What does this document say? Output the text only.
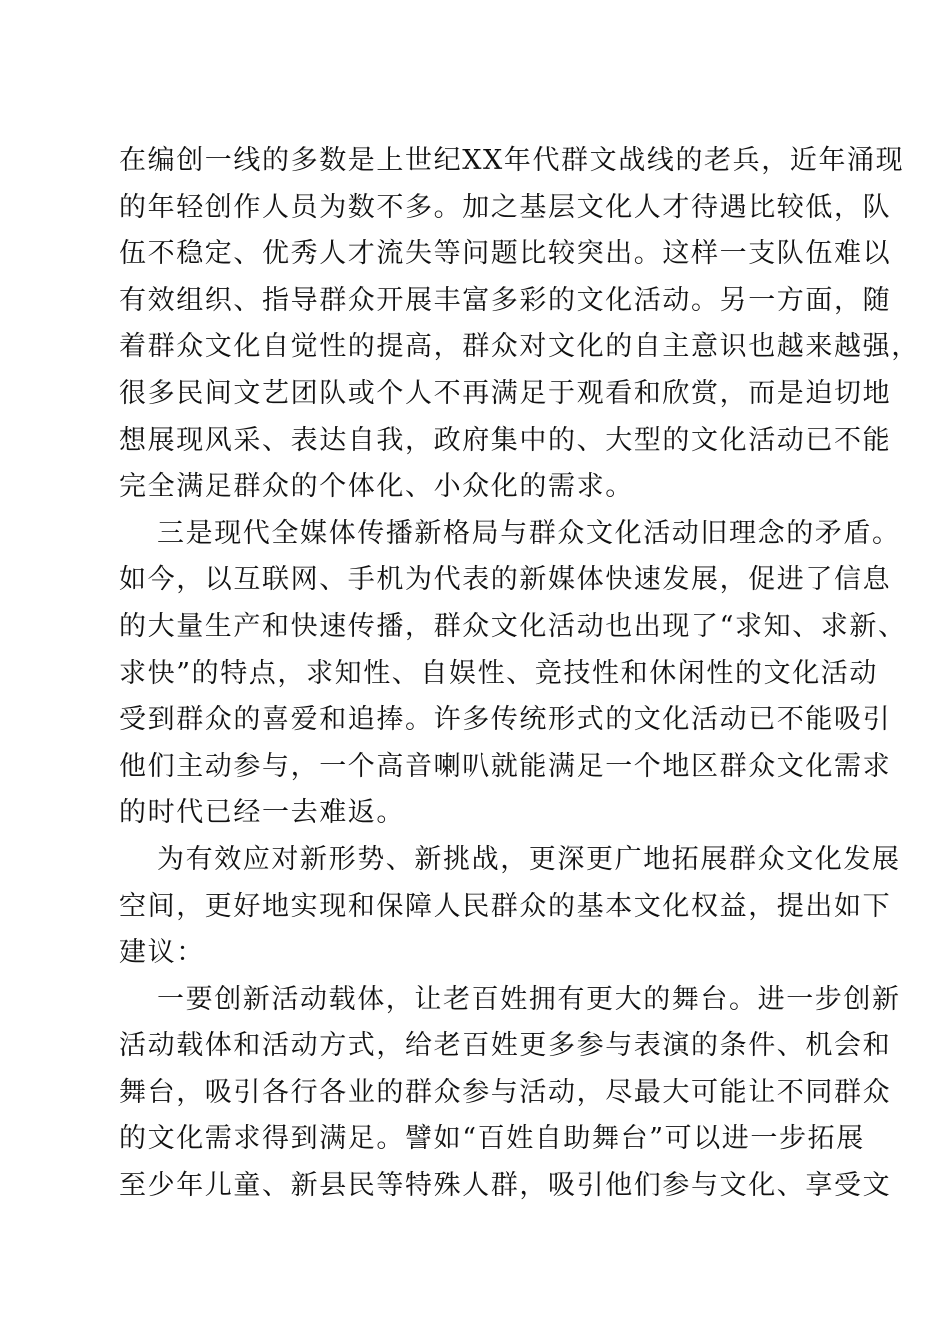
在编创一线的多数是上世纪XX年代群文战线的老兵，近年涌现
的年轻创作人员为数不多。加之基层文化人才待遇比较低，队
伍不稳定、优秀人才流失等问题比较突出。这样一支队伍难以
有效组织、指导群众开展丰富多彩的文化活动。另一方面，随
着群众文化自觉性的提高，群众对文化的自主意识也越来越强，
很多民间文艺团队或个人不再满足于观看和欣赏，而是迫切地
想展现风采、表达自我，政府集中的、大型的文化活动已不能
完全满足群众的个体化、小众化的需求。
三是现代全媒体传播新格局与群众文化活动旧理念的矛盾。
如今，以互联网、手机为代表的新媒体快速发展，促进了信息
的大量生产和快速传播，群众文化活动也出现了“求知、求新、
求快”的特点，求知性、自娱性、竞技性和休闲性的文化活动
受到群众的喜爱和追捧。许多传统形式的文化活动已不能吸引
他们主动参与，一个高音喇叭就能满足一个地区群众文化需求
的时代已经一去难返。
为有效应对新形势、新挑战，更深更广地拓展群众文化发展
空间，更好地实现和保障人民群众的基本文化权益，提出如下
建议：
一要创新活动载体，让老百姓拥有更大的舞台。进一步创新
活动载体和活动方式，给老百姓更多参与表演的条件、机会和
舞台，吸引各行各业的群众参与活动，尽最大可能让不同群众
的文化需求得到满足。譬如“百姓自助舞台”可以进一步拓展
至少年儿童、新县民等特殊人群，吸引他们参与文化、享受文
